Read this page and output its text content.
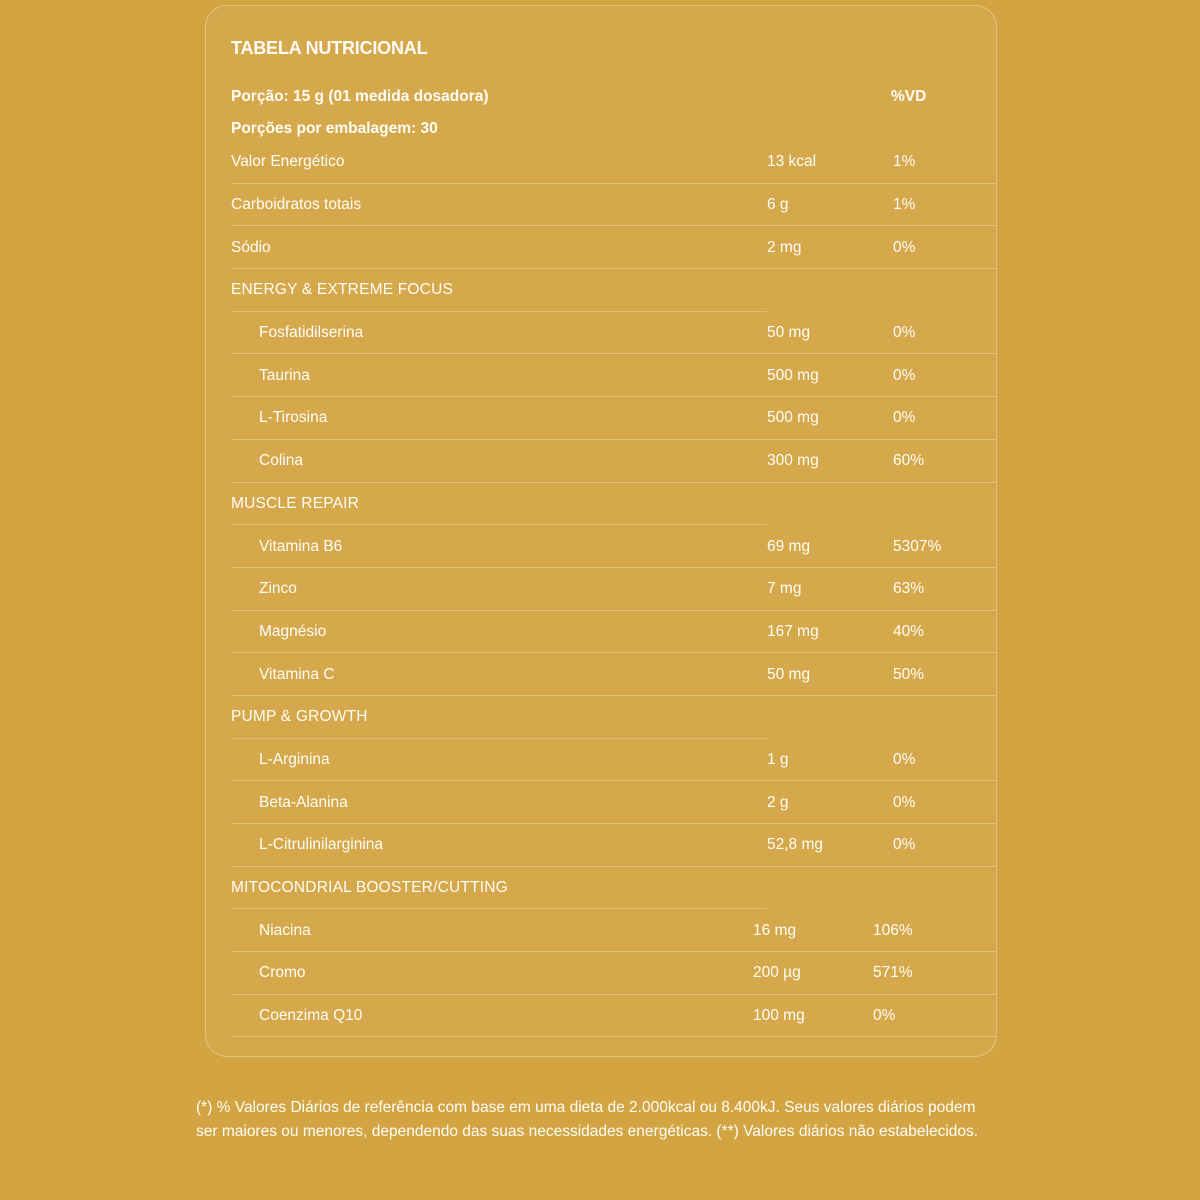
TABELA NUTRICIONAL
Porção: 15 g (01 medida dosadora)	%VD
Porções por embalagem: 30
Valor Energético	13 kcal	1%
Carboidratos totais	6 g	1%
Sódio	2 mg	0%
ENERGY & EXTREME FOCUS
Fosfatidilserina	50 mg	0%
Taurina	500 mg	0%
L-Tirosina	500 mg	0%
Colina	300 mg	60%
MUSCLE REPAIR
Vitamina B6	69 mg	5307%
Zinco	7 mg	63%
Magnésio	167 mg	40%
Vitamina C	50 mg	50%
PUMP & GROWTH
L-Arginina	1 g	0%
Beta-Alanina	2 g	0%
L-Citrulinilarginina	52,8 mg	0%
MITOCONDRIAL BOOSTER/CUTTING
Niacina	16 mg	106%
Cromo	200 µg	571%
Coenzima Q10	100 mg	0%
(*) % Valores Diários de referência com base em uma dieta de 2.000kcal ou 8.400kJ. Seus valores diários podem ser maiores ou menores, dependendo das suas necessidades energéticas. (**) Valores diários não estabelecidos.
